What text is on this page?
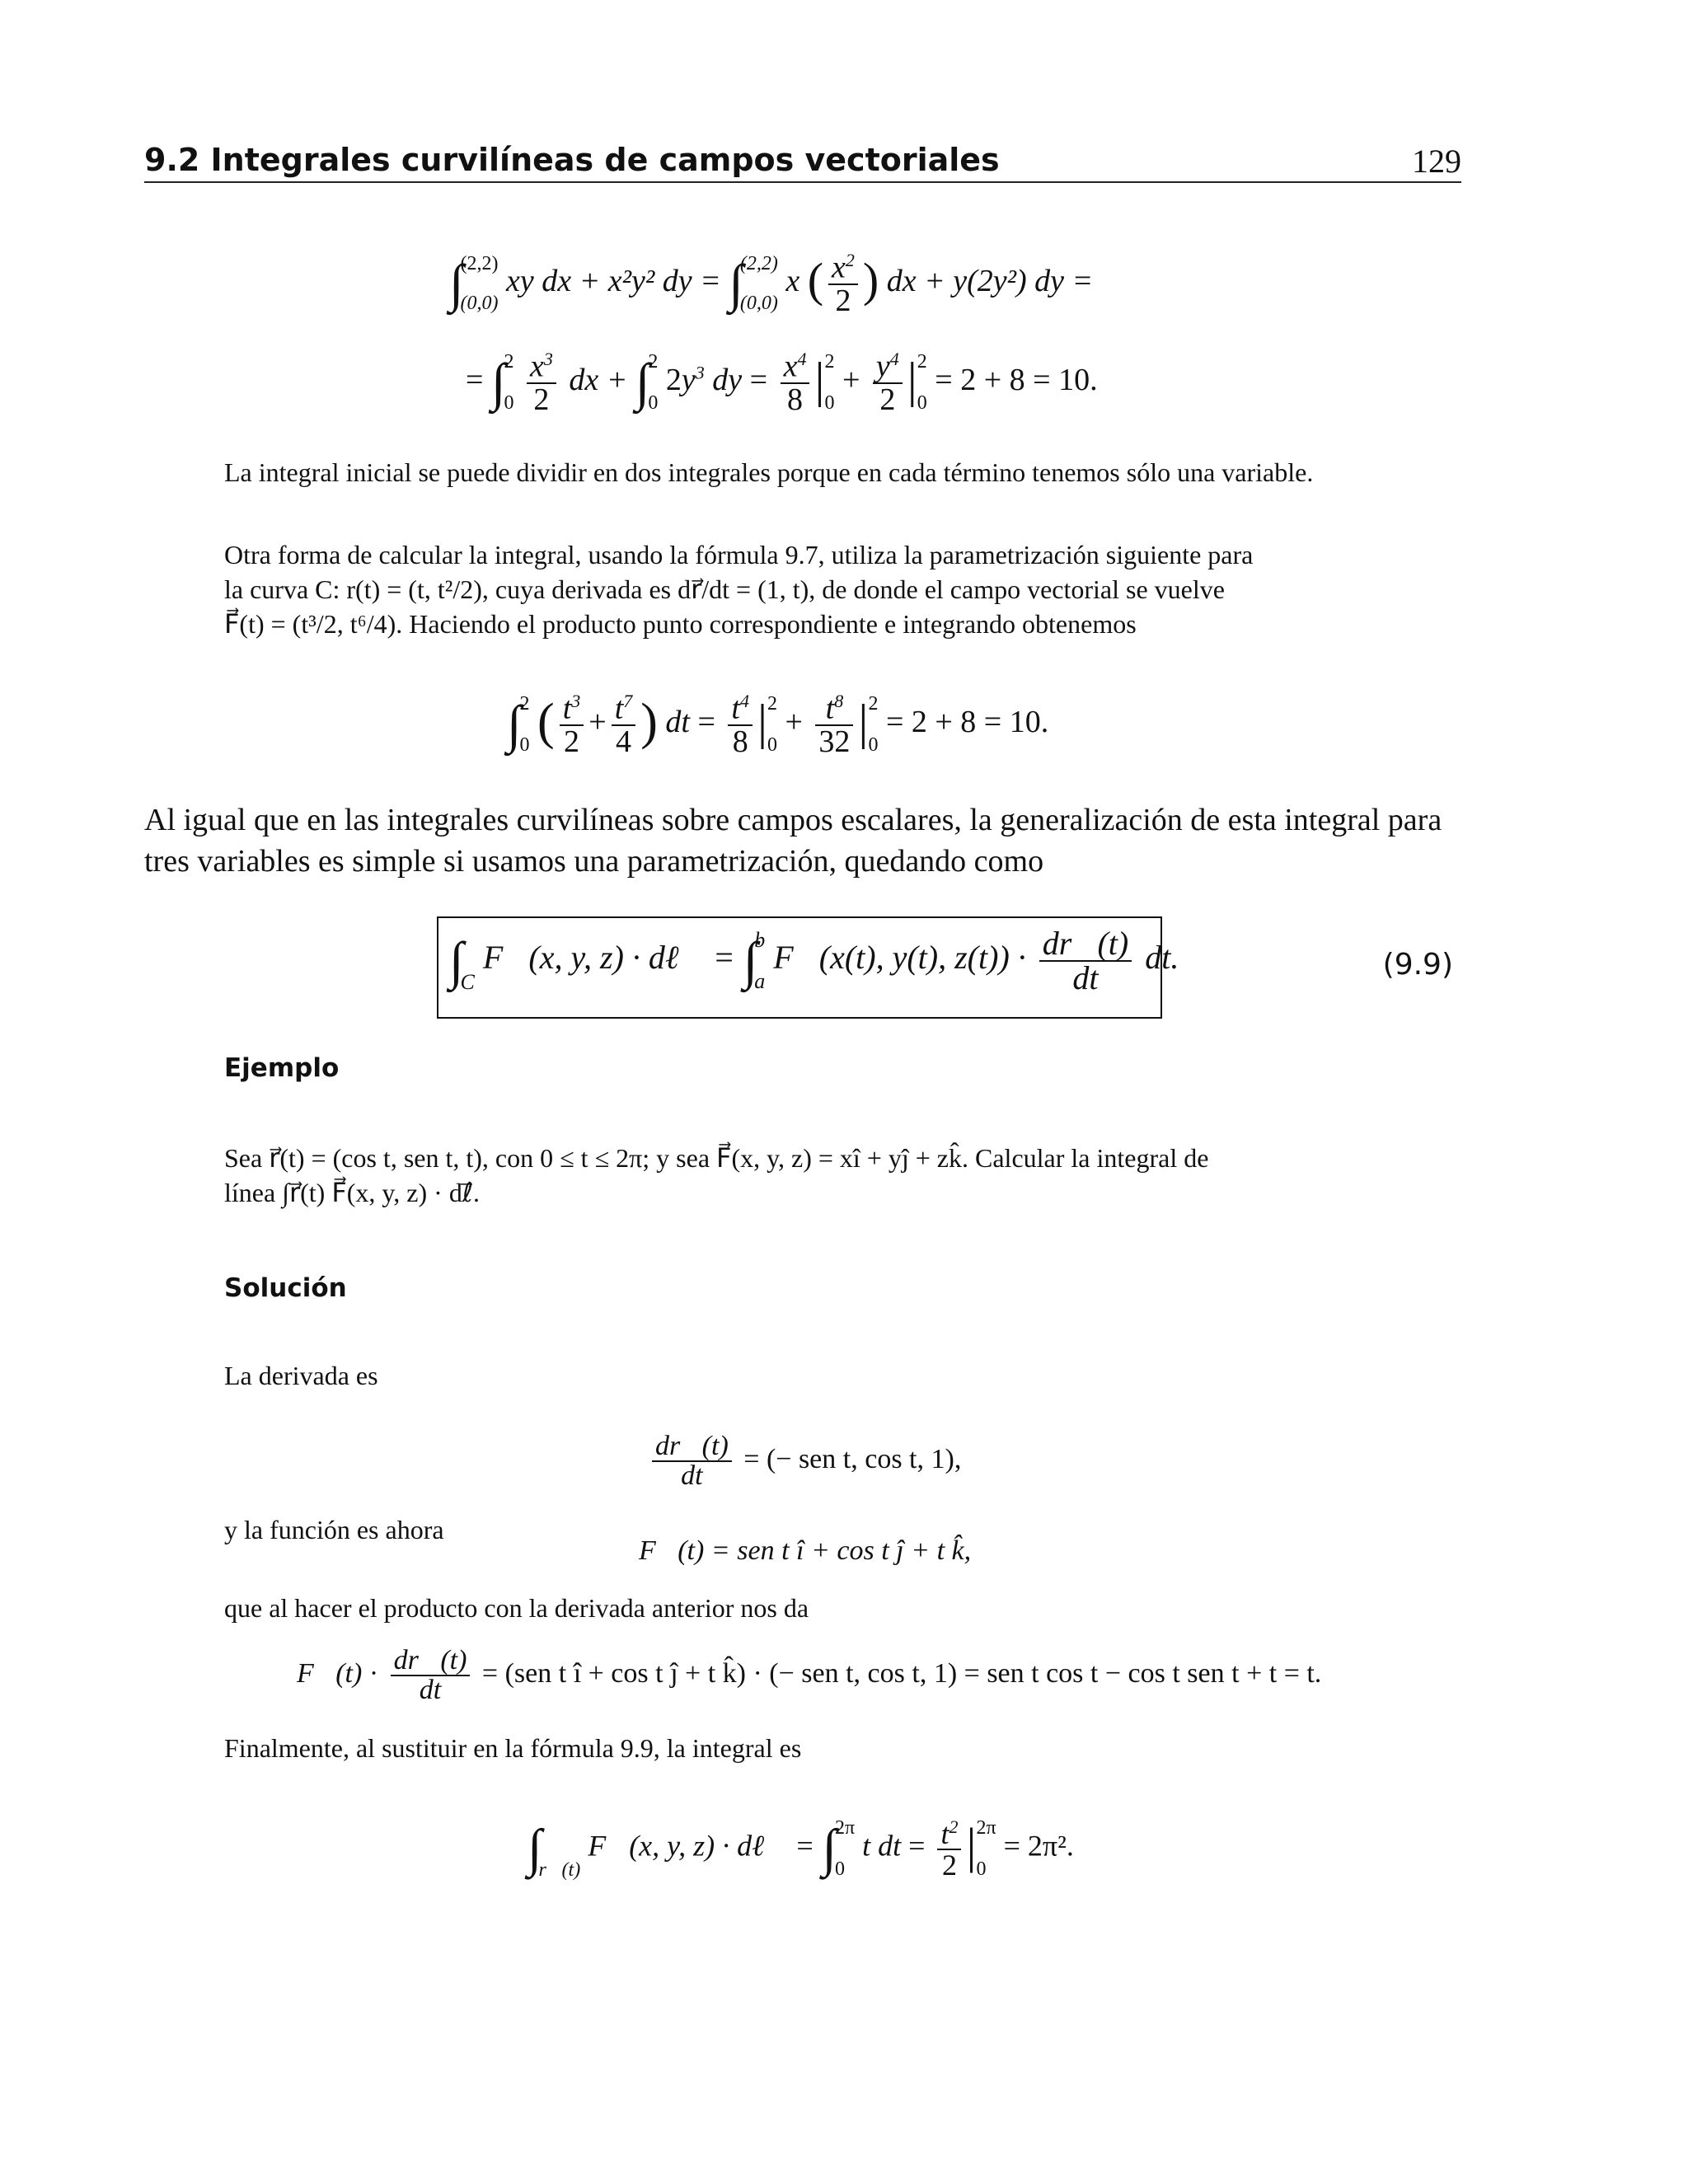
9.2 Integrales curvilíneas de campos vectoriales	129
∫
(2,2)
(0,0)
xy dx + x²y² dy = ∫
(2,2)
(0,0)
x ( $\frac{x^2}{2}$ ) dx + y(2y²) dy =
= ∫
2
0
$\frac{x^3}{2}$ dx + ∫
2
0
$2y^3$ dy = $\frac{x^4}{8}$ | 2
0
+ $\frac{y^4}{2}$ | 2
0
= 2 + 8 = 10.
La integral inicial se puede dividir en dos integrales porque en cada término tenemos sólo una variable.
Otra forma de calcular la integral, usando la fórmula 9.7, utiliza la parametrización siguiente para
la curva C: r(t) = (t, t²/2), cuya derivada es dr⃗/dt = (1, t), de donde el campo vectorial se vuelve
F⃗(t) = (t³/2, t⁶/4). Haciendo el producto punto correspondiente e integrando obtenemos
∫
2
0 ( $\frac{t^3}{2} + \frac{t^7}{4}$ ) dt = $\frac{t^4}{8}$ | 2
0
+ $\frac{t^8}{32}$ | 2
0
= 2 + 8 = 10.
Al igual que en las integrales curvilíneas sobre campos escalares, la generalización de esta integral para tres variables es simple si usamos una parametrización, quedando como
∫

C
F⃗(x, y, z) · dℓ⃗ = ∫
b
a
F⃗(x(t), y(t), $z(t)) \cdot \frac{dr⃗(t)}{dt}$ dt.	(9.9)
Ejemplo
Sea r⃗(t) = (cos t, sen t, t), con 0 ≤ t ≤ 2π; y sea F⃗(x, y, z) = xî + yĵ + zk̂. Calcular la integral de
línea ∫r⃗(t) F⃗(x, y, z) · dℓ⃗.
Solución
La derivada es
$\frac{dr⃗(t)}{dt}$ = (− sen t, cos t, 1),
y la función es ahora
F⃗(t) = sen t î + cos t ĵ + t k̂,
que al hacer el producto con la derivada anterior nos da
F⃗(t) · $\frac{dr⃗(t)}{dt} = (sen$ t î + cos t ĵ + t k̂) · (− sen t, cos t, 1) = sen t cos t − cos t sen t + t = t.
Finalmente, al sustituir en la fórmula 9.9, la integral es
∫

r⃗(t)
F⃗(x, y, z) · dℓ⃗ = ∫
2π
0
t dt = $\frac{t^2}{2}$ | 2π
0
= 2π².
